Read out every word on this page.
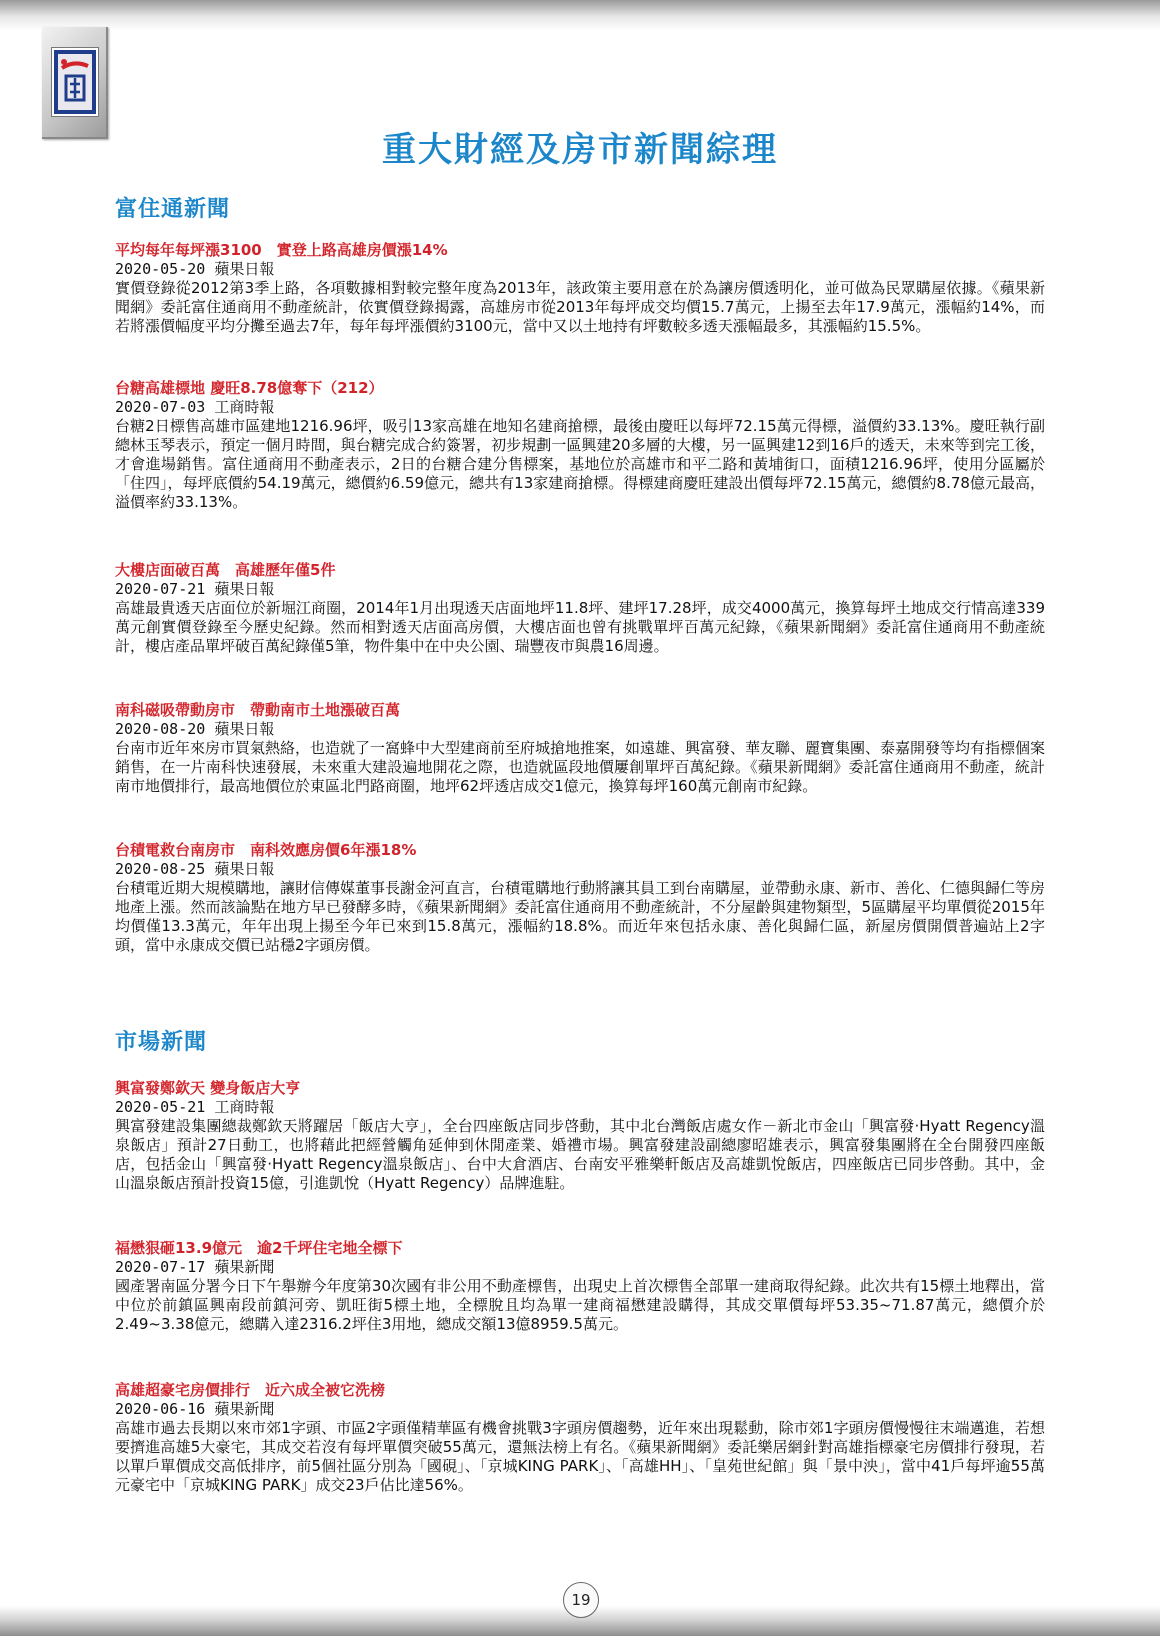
重大財經及房市新聞綜理
富住通新聞

平均每年每坪漲3100　實登上路高雄房價漲14%

2020-05-20 蘋果日報

實價登錄從2012第3季上路，各項數據相對較完整年度為2013年，該政策主要用意在於為讓房價透明化，並可做為民眾購屋依據。《蘋果新聞網》委託富住通商用不動產統計，依實價登錄揭露，高雄房市從2013年每坪成交均價15.7萬元，上揚至去年17.9萬元，漲幅約14%，而若將漲價幅度平均分攤至過去7年，每年每坪漲價約3100元，當中又以土地持有坪數較多透天漲幅最多，其漲幅約15.5%。

台糖高雄標地 慶旺8.78億奪下（212）

2020-07-03 工商時報

台糖2日標售高雄市區建地1216.96坪，吸引13家高雄在地知名建商搶標，最後由慶旺以每坪72.15萬元得標，溢價約33.13%。慶旺執行副總林玉琴表示，預定一個月時間，與台糖完成合約簽署，初步規劃一區興建20多層的大樓，另一區興建12到16戶的透天，未來等到完工後，才會進場銷售。富住通商用不動產表示，2日的台糖合建分售標案，基地位於高雄市和平二路和黃埔街口，面積1216.96坪，使用分區屬於「住四」，每坪底價約54.19萬元，總價約6.59億元，總共有13家建商搶標。得標建商慶旺建設出價每坪72.15萬元，總價約8.78億元最高，溢價率約33.13%。

大樓店面破百萬　高雄歷年僅5件

2020-07-21 蘋果日報

高雄最貴透天店面位於新堀江商圈，2014年1月出現透天店面地坪11.8坪、建坪17.28坪，成交4000萬元，換算每坪土地成交行情高達339萬元創實價登錄至今歷史紀錄。然而相對透天店面高房價，大樓店面也曾有挑戰單坪百萬元紀錄，《蘋果新聞網》委託富住通商用不動產統計，樓店產品單坪破百萬紀錄僅5筆，物件集中在中央公園、瑞豐夜市與農16周邊。

南科磁吸帶動房市　帶動南市土地漲破百萬

2020-08-20 蘋果日報

台南市近年來房市買氣熱絡，也造就了一窩蜂中大型建商前至府城搶地推案，如遠雄、興富發、華友聯、麗寶集團、泰嘉開發等均有指標個案銷售，在一片南科快速發展，未來重大建設遍地開花之際，也造就區段地價屢創單坪百萬紀錄。《蘋果新聞網》委託富住通商用不動產，統計南市地價排行，最高地價位於東區北門路商圈，地坪62坪透店成交1億元，換算每坪160萬元創南市紀錄。

台積電救台南房市　南科效應房價6年漲18%

2020-08-25 蘋果日報

台積電近期大規模購地，讓財信傳媒董事長謝金河直言，台積電購地行動將讓其員工到台南購屋，並帶動永康、新市、善化、仁德與歸仁等房地產上漲。然而該論點在地方早已發酵多時，《蘋果新聞網》委託富住通商用不動產統計，不分屋齡與建物類型，5區購屋平均單價從2015年均價僅13.3萬元，年年出現上揚至今年已來到15.8萬元，漲幅約18.8%。而近年來包括永康、善化與歸仁區，新屋房價開價普遍站上2字頭，當中永康成交價已站穩2字頭房價。

市場新聞

興富發鄭欽天 變身飯店大亨

2020-05-21 工商時報

興富發建設集團總裁鄭欽天將躍居「飯店大亨」，全台四座飯店同步啓動，其中北台灣飯店處女作－新北市金山「興富發‧Hyatt Regency溫泉飯店」預計27日動工，也將藉此把經營觸角延伸到休閒產業、婚禮市場。興富發建設副總廖昭雄表示，興富發集團將在全台開發四座飯店，包括金山「興富發‧Hyatt Regency溫泉飯店」、台中大倉酒店、台南安平雅樂軒飯店及高雄凱悅飯店，四座飯店已同步啓動。其中，金山溫泉飯店預計投資15億，引進凱悅（Hyatt Regency）品牌進駐。

福懋狠砸13.9億元　逾2千坪住宅地全標下

2020-07-17 蘋果新聞

國產署南區分署今日下午舉辦今年度第30次國有非公用不動產標售，出現史上首次標售全部單一建商取得紀錄。此次共有15標土地釋出，當中位於前鎮區興南段前鎮河旁、凱旺街5標土地，全標脫且均為單一建商福懋建設購得，其成交單價每坪53.35~71.87萬元，總價介於2.49~3.38億元，總購入達2316.2坪住3用地，總成交額13億8959.5萬元。

高雄超豪宅房價排行　近六成全被它洗榜

2020-06-16 蘋果新聞

高雄市過去長期以來市郊1字頭、市區2字頭僅精華區有機會挑戰3字頭房價趨勢，近年來出現鬆動，除市郊1字頭房價慢慢往末端邁進，若想要擠進高雄5大豪宅，其成交若沒有每坪單價突破55萬元，還無法榜上有名。《蘋果新聞網》委託樂居網針對高雄指標豪宅房價排行發現，若以單戶單價成交高低排序，前5個社區分別為「國硯」、「京城KING PARK」、「高雄HH」、「皇苑世紀館」與「景中泱」，當中41戶每坪逾55萬元豪宅中「京城KING PARK」成交23戶佔比達56%。

19
